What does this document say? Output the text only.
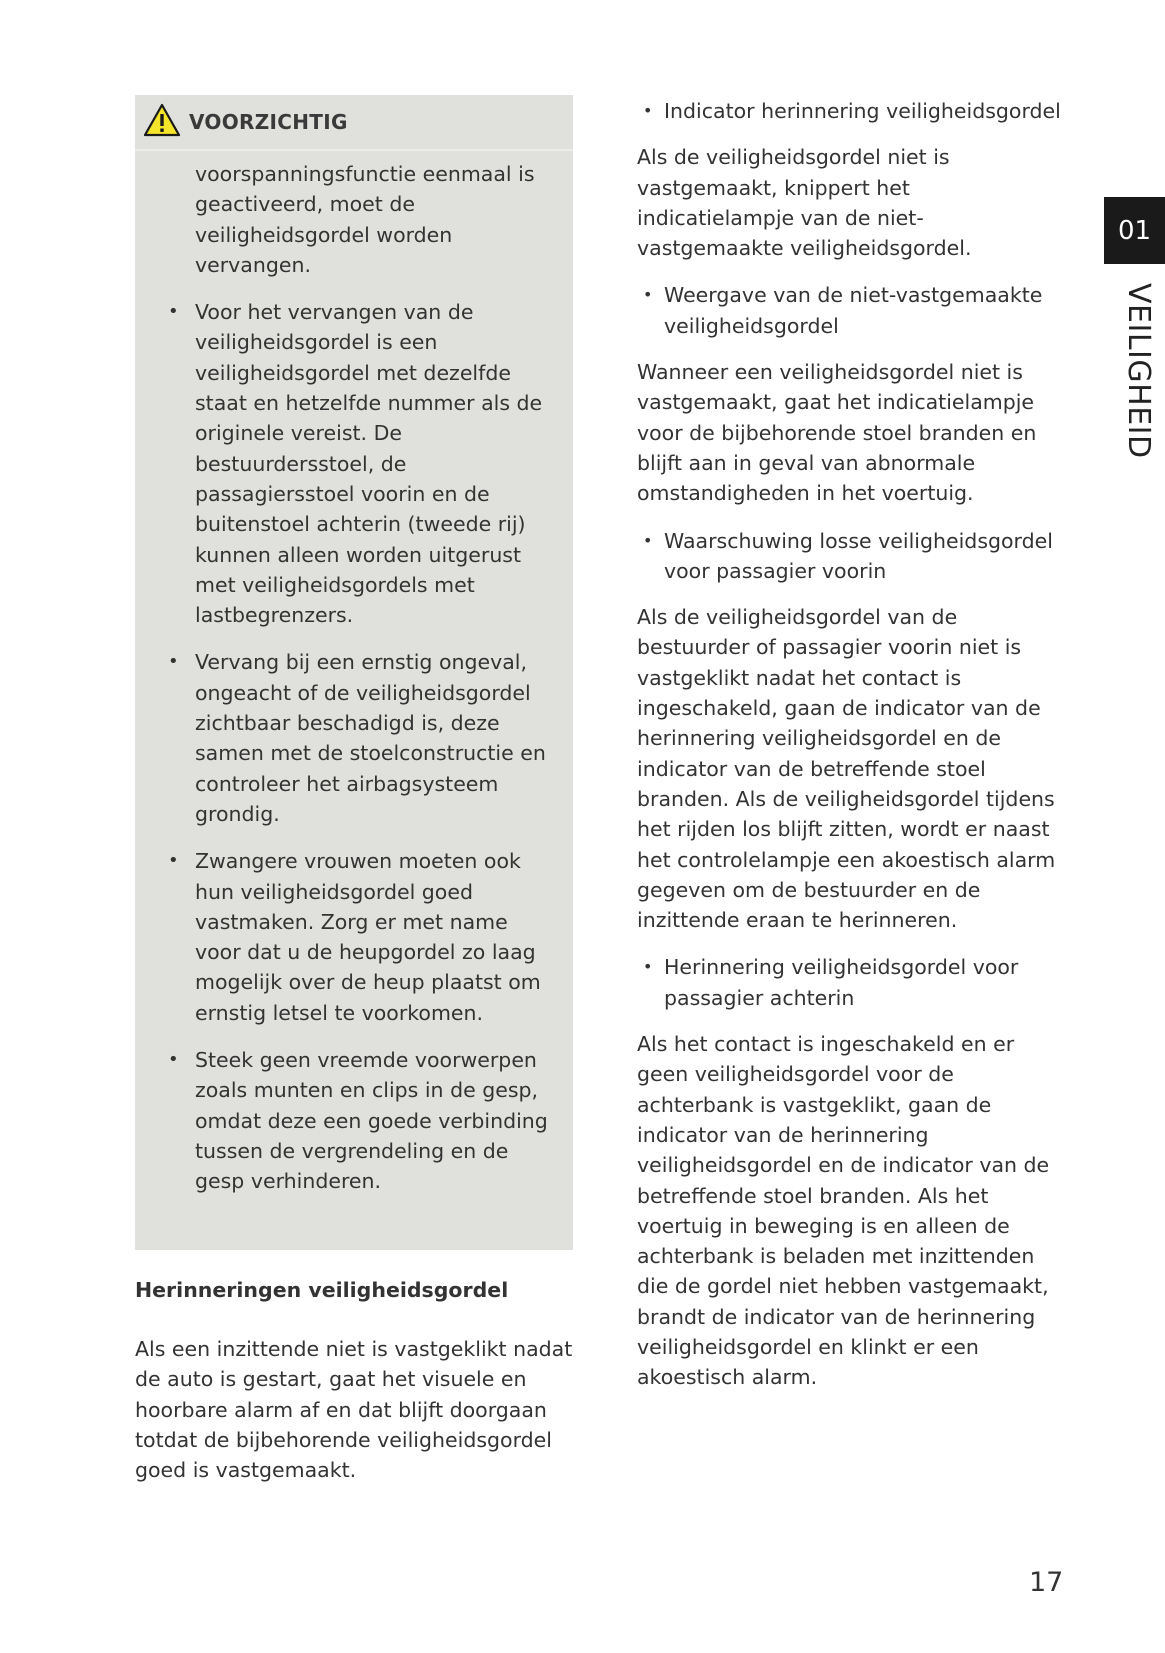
VOORZICHTIG

voorspanningsfunctie eenmaal is geactiveerd, moet de veiligheidsgordel worden vervangen.

• Voor het vervangen van de veiligheidsgordel is een veiligheidsgordel met dezelfde staat en hetzelfde nummer als de originele vereist. De bestuurdersstoel, de passagiersstoel voorin en de buitenstoel achterin (tweede rij) kunnen alleen worden uitgerust met veiligheidsgordels met lastbegrenzers.

• Vervang bij een ernstig ongeval, ongeacht of de veiligheidsgordel zichtbaar beschadigd is, deze samen met de stoelconstructie en controleer het airbagsysteem grondig.

• Zwangere vrouwen moeten ook hun veiligheidsgordel goed vastmaken. Zorg er met name voor dat u de heupgordel zo laag mogelijk over de heup plaatst om ernstig letsel te voorkomen.

• Steek geen vreemde voorwerpen zoals munten en clips in de gesp, omdat deze een goede verbinding tussen de vergrendeling en de gesp verhinderen.

Herinneringen veiligheidsgordel

Als een inzittende niet is vastgeklikt nadat de auto is gestart, gaat het visuele en hoorbare alarm af en dat blijft doorgaan totdat de bijbehorende veiligheidsgordel goed is vastgemaakt.

• Indicator herinnering veiligheidsgordel

Als de veiligheidsgordel niet is vastgemaakt, knippert het indicatielampje van de niet-vastgemaakte veiligheidsgordel.

• Weergave van de niet-vastgemaakte veiligheidsgordel

Wanneer een veiligheidsgordel niet is vastgemaakt, gaat het indicatielampje voor de bijbehorende stoel branden en blijft aan in geval van abnormale omstandigheden in het voertuig.

• Waarschuwing losse veiligheidsgordel voor passagier voorin

Als de veiligheidsgordel van de bestuurder of passagier voorin niet is vastgeklikt nadat het contact is ingeschakeld, gaan de indicator van de herinnering veiligheidsgordel en de indicator van de betreffende stoel branden. Als de veiligheidsgordel tijdens het rijden los blijft zitten, wordt er naast het controlelampje een akoestisch alarm gegeven om de bestuurder en de inzittende eraan te herinneren.

• Herinnering veiligheidsgordel voor passagier achterin

Als het contact is ingeschakeld en er geen veiligheidsgordel voor de achterbank is vastgeklikt, gaan de indicator van de herinnering veiligheidsgordel en de indicator van de betreffende stoel branden. Als het voertuig in beweging is en alleen de achterbank is beladen met inzittenden die de gordel niet hebben vastgemaakt, brandt de indicator van de herinnering veiligheidsgordel en klinkt er een akoestisch alarm.

01
VEILIGHEID
17
